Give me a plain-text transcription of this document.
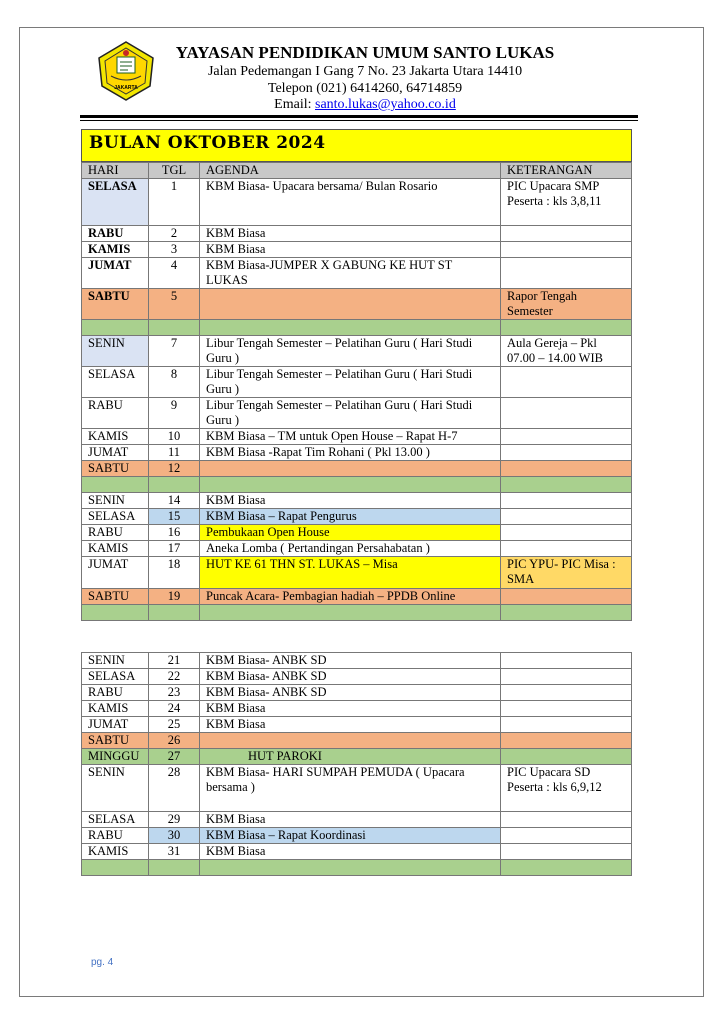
JAKARTA
YAYASAN PENDIDIKAN UMUM SANTO LUKAS
Jalan Pedemangan I Gang 7 No. 23 Jakarta Utara 14410
Telepon (021) 6414260, 64714859
Email: santo.lukas@yahoo.co.id
BULAN OKTOBER 2024
HARI	TGL	AGENDA	KETERANGAN
SELASA	1	KBM Biasa- Upacara bersama/ Bulan Rosario	PIC Upacara SMP
Peserta : kls 3,8,11
RABU	2	KBM Biasa	
KAMIS	3	KBM Biasa	
JUMAT	4	KBM Biasa-JUMPER X GABUNG KE HUT ST LUKAS	
SABTU	5		Rapor Tengah Semester

SENIN	7	Libur Tengah Semester – Pelatihan Guru ( Hari Studi Guru )	Aula Gereja – Pkl 07.00 – 14.00 WIB
SELASA	8	Libur Tengah Semester – Pelatihan Guru ( Hari Studi Guru )	
RABU	9	Libur Tengah Semester – Pelatihan Guru ( Hari Studi Guru )	
KAMIS	10	KBM Biasa – TM untuk Open House – Rapat H-7	
JUMAT	11	KBM Biasa -Rapat Tim Rohani ( Pkl 13.00 )	
SABTU	12		

SENIN	14	KBM Biasa	
SELASA	15	KBM Biasa – Rapat Pengurus	
RABU	16	Pembukaan Open House	
KAMIS	17	Aneka Lomba ( Pertandingan Persahabatan )	
JUMAT	18	HUT KE 61 THN ST. LUKAS – Misa	PIC YPU- PIC Misa : SMA
SABTU	19	Puncak Acara- Pembagian hadiah – PPDB Online	

SENIN	21	KBM Biasa- ANBK SD	
SELASA	22	KBM Biasa- ANBK SD	
RABU	23	KBM Biasa- ANBK SD	
KAMIS	24	KBM Biasa	
JUMAT	25	KBM Biasa	
SABTU	26		
MINGGU	27	HUT PAROKI	
SENIN	28	KBM Biasa- HARI SUMPAH PEMUDA ( Upacara bersama )	PIC Upacara SD
Peserta : kls 6,9,12
SELASA	29	KBM Biasa	
RABU	30	KBM Biasa – Rapat Koordinasi	
KAMIS	31	KBM Biasa	

pg. 4
